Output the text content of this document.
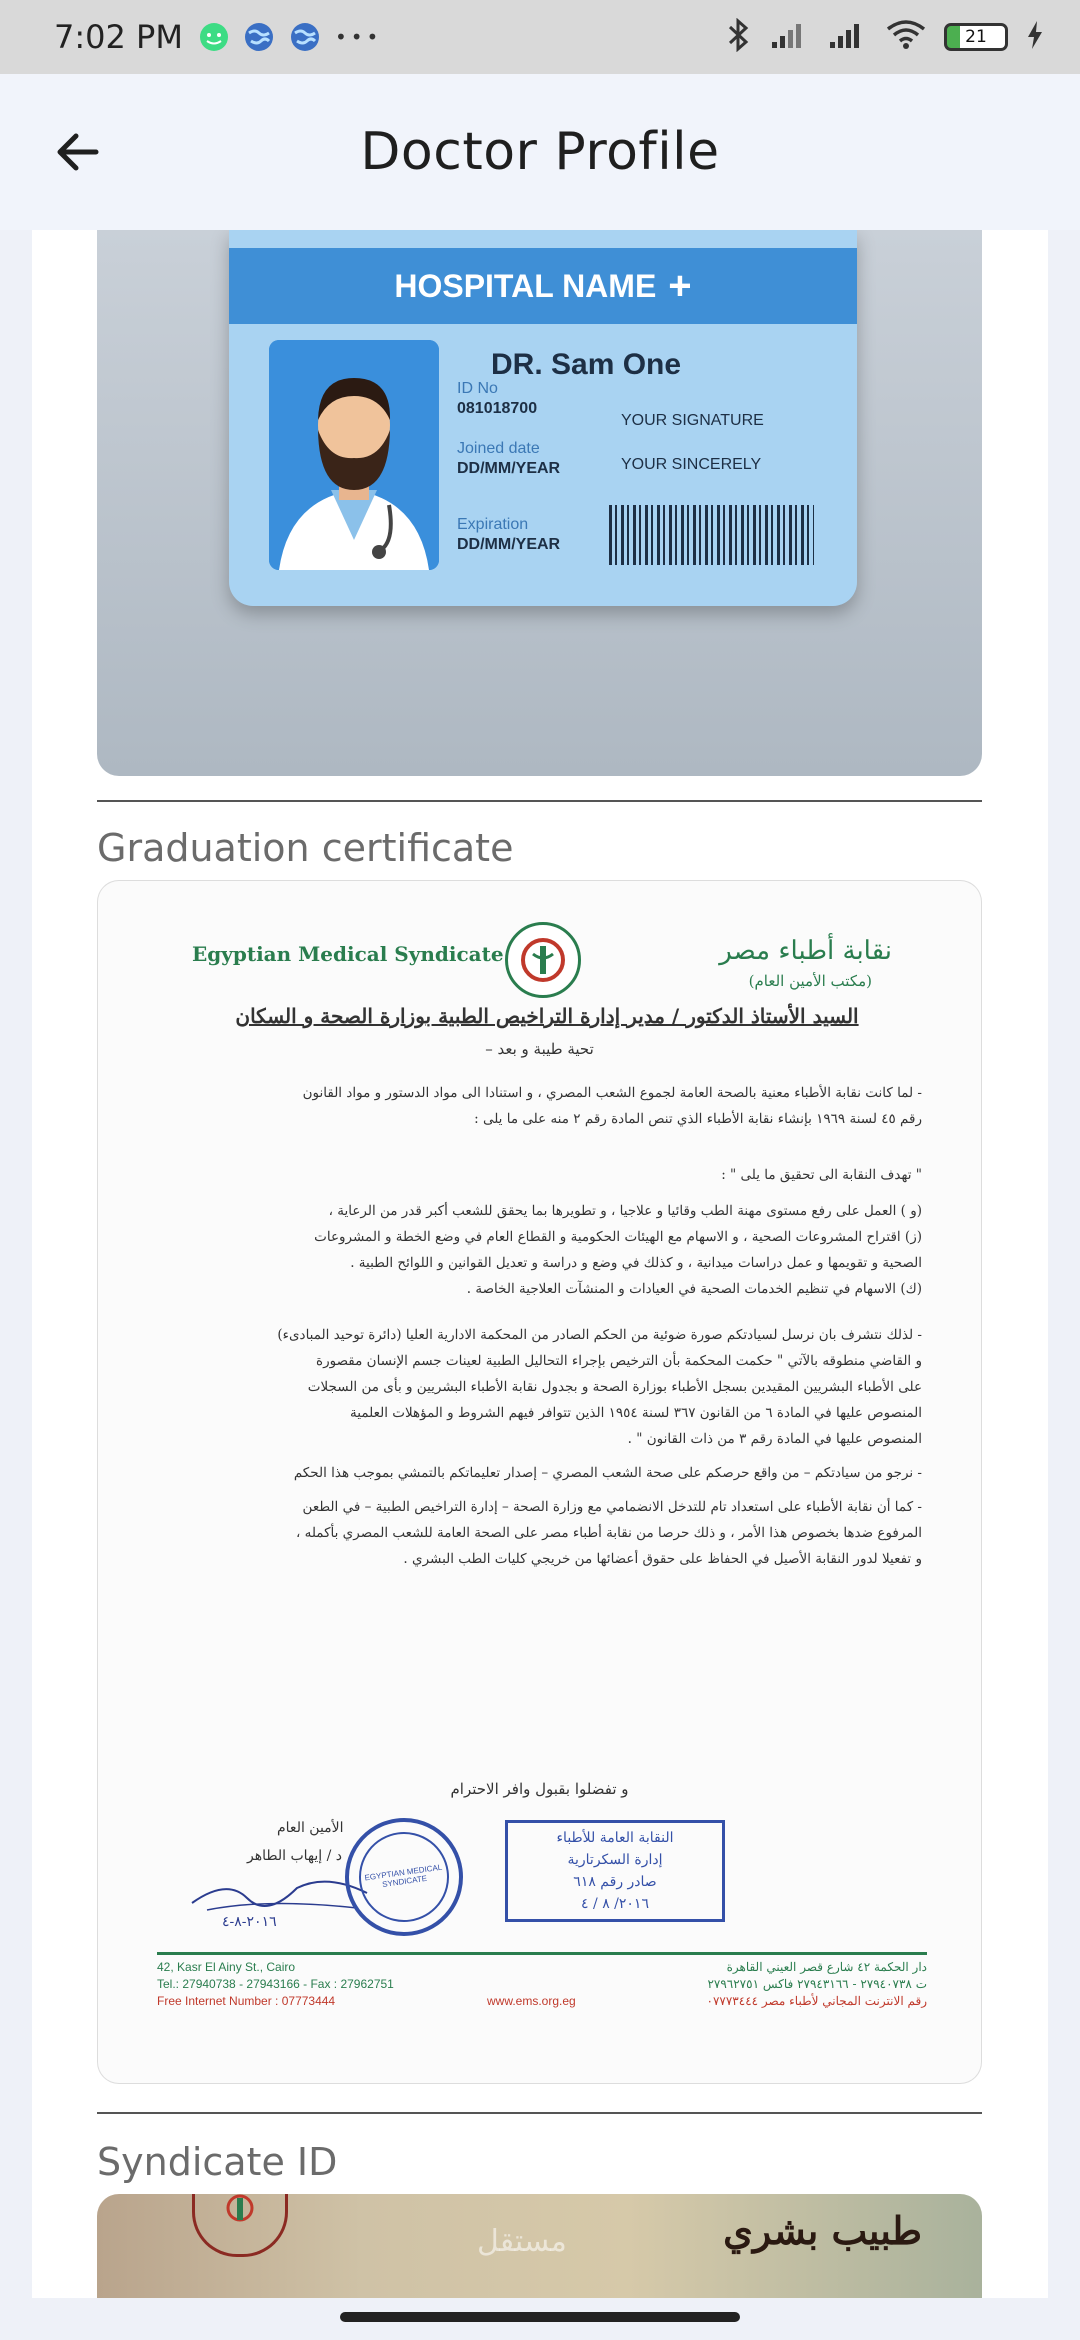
7:02 PM	•••	21
Doctor Profile
HOSPITAL NAME +
DR. Sam One
ID No
081018700
Joined date
DD/MM/YEAR
Expiration
DD/MM/YEAR
YOUR SIGNATURE
YOUR SINCERELY
Graduation certificate
Egyptian Medical Syndicate	نقابة أطباء مصر
(مكتب الأمين العام)
السيد الأستاذ الدكتور / مدير إدارة التراخيص الطبية بوزارة الصحة و السكان
تحية طيبة و بعد –
- لما كانت نقابة الأطباء معنية بالصحة العامة لجموع الشعب المصري ، و استنادا الى مواد الدستور و مواد القانون
رقم ٤٥ لسنة ١٩٦٩ بإنشاء نقابة الأطباء الذي تنص المادة رقم ٢ منه على ما يلى :
" تهدف النقابة الى تحقيق ما يلى " :
(و ) العمل على رفع مستوى مهنة الطب وقائيا و علاجيا ، و تطويرها بما يحقق للشعب أكبر قدر من الرعاية ،
(ز) اقتراح المشروعات الصحية ، و الاسهام مع الهيئات الحكومية و القطاع العام في وضع الخطة و المشروعات
الصحية و تقويمها و عمل دراسات ميدانية ، و كذلك في وضع و دراسة و تعديل القوانين و اللوائح الطبية .
(ك) الاسهام في تنظيم الخدمات الصحية في العيادات و المنشآت العلاجية الخاصة .
- لذلك نتشرف بان نرسل لسيادتكم صورة ضوئية من الحكم الصادر من المحكمة الادارية العليا (دائرة توحيد المبادىء)
و القاضي منطوقه بالآتي " حكمت المحكمة بأن الترخيص بإجراء التحاليل الطبية لعينات جسم الإنسان مقصورة
على الأطباء البشريين المقيدين بسجل الأطباء بوزارة الصحة و بجدول نقابة الأطباء البشريين و بأى من السجلات
المنصوص عليها في المادة ٦ من القانون ٣٦٧ لسنة ١٩٥٤ الذين تتوافر فيهم الشروط و المؤهلات العلمية
المنصوص عليها في المادة رقم ٣ من ذات القانون " .
- نرجو من سيادتكم – من واقع حرصكم على صحة الشعب المصري – إصدار تعليماتكم بالتمشي بموجب هذا الحكم
- كما أن نقابة الأطباء على استعداد تام للتدخل الانضمامي مع وزارة الصحة – إدارة التراخيص الطبية – في الطعن
المرفوع ضدها بخصوص هذا الأمر ، و ذلك حرصا من نقابة أطباء مصر على الصحة العامة للشعب المصري بأكمله ،
و تفعيلا لدور النقابة الأصيل في الحفاظ على حقوق أعضائها من خريجي كليات الطب البشري .
و تفضلوا بقبول وافر الاحترام
الأمين العام
د / إيهاب الطاهر
٢٠١٦-٨-٤
EGYPTIAN MEDICAL SYNDICATE
النقابة العامة للأطباء
إدارة السكرتارية
صادر رقم ٦١٨
٢٠١٦/ ٨ / ٤
42, Kasr El Ainy St., Cairo
Tel.: 27940738 - 27943166 - Fax : 27962751
Free Internet Number : 07773444	www.ems.org.eg
دار الحكمة ٤٢ شارع قصر العيني القاهرة
ت ٢٧٩٤٠٧٣٨ - ٢٧٩٤٣١٦٦ فاكس ٢٧٩٦٢٧٥١
رقم الانترنت المجاني لأطباء مصر ٠٧٧٧٣٤٤٤
Syndicate ID
طبيب بشري
مستقل
